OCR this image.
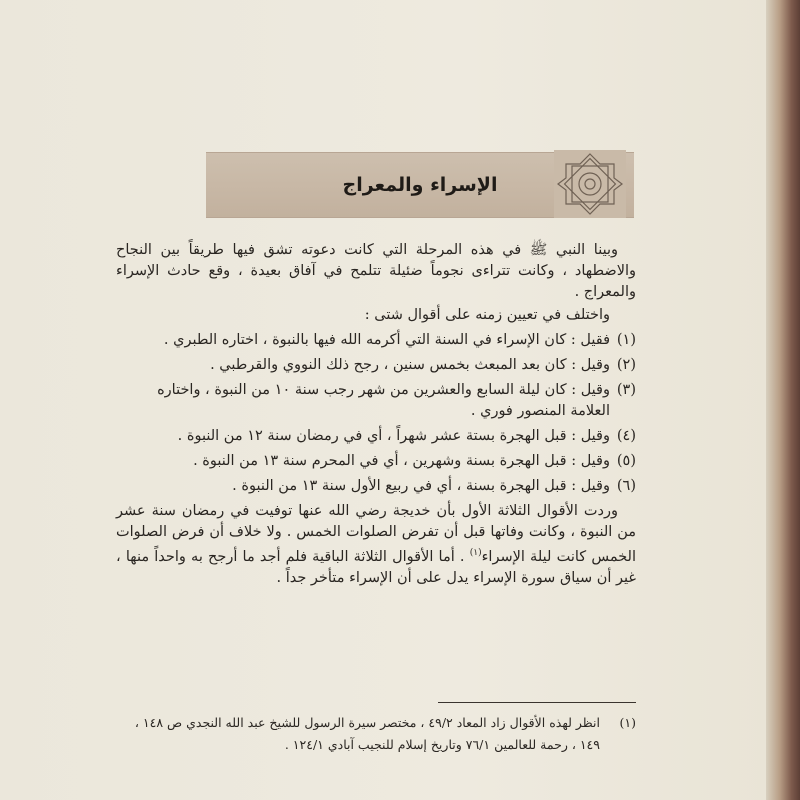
الإسراء والمعراج

وبينا النبي ﷺ في هذه المرحلة التي كانت دعوته تشق فيها طريقاً بين النجاح والاضطهاد ، وكانت تتراءى نجوماً ضئيلة تتلمح في آفاق بعيدة ، وقع حادث الإسراء والمعراج .

واختلف في تعيين زمنه على أقوال شتى :

(١)
فقيل : كان الإسراء في السنة التي أكرمه الله فيها بالنبوة ، اختاره الطبري .

(٢)
وقيل : كان بعد المبعث بخمس سنين ، رجح ذلك النووي والقرطبي .

(٣)
وقيل : كان ليلة السابع والعشرين من شهر رجب سنة ١٠ من النبوة ، واختاره العلامة المنصور فوري .

(٤)
وقيل : قبل الهجرة بستة عشر شهراً ، أي في رمضان سنة ١٢ من النبوة .

(٥)
وقيل : قبل الهجرة بسنة وشهرين ، أي في المحرم سنة ١٣ من النبوة .

(٦)
وقيل : قبل الهجرة بسنة ، أي في ربيع الأول سنة ١٣ من النبوة .

وردت الأقوال الثلاثة الأول بأن خديجة رضي الله عنها توفيت في رمضان سنة عشر من النبوة ، وكانت وفاتها قبل أن تفرض الصلوات الخمس . ولا خلاف أن فرض الصلوات الخمس كانت ليلة الإسراء$^{(١)}$ . أما الأقوال الثلاثة الباقية فلم أجد ما أرجح به واحداً منها ، غير أن سياق سورة الإسراء يدل على أن الإسراء متأخر جداً .

(١)
انظر لهذه الأقوال زاد المعاد ٤٩/٢ ، مختصر سيرة الرسول للشيخ عبد الله النجدي ص ١٤٨ ، ١٤٩ ، رحمة للعالمين ٧٦/١ وتاريخ إسلام للنجيب آبادي ١٢٤/١ .
